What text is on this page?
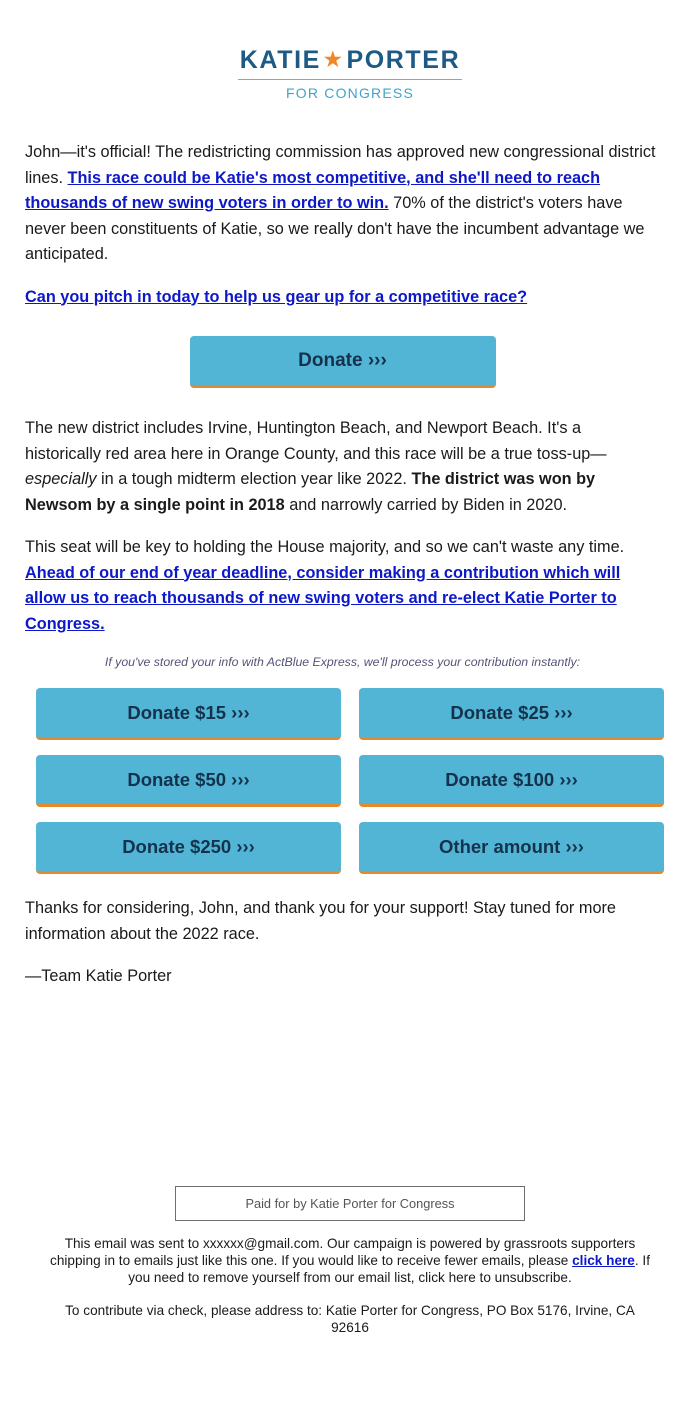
KATIE ★ PORTER
FOR CONGRESS

John—it's official! The redistricting commission has approved new congressional district lines. This race could be Katie's most competitive, and she'll need to reach thousands of new swing voters in order to win. 70% of the district's voters have never been constituents of Katie, so we really don't have the incumbent advantage we anticipated.

Can you pitch in today to help us gear up for a competitive race?

Donate ›››

The new district includes Irvine, Huntington Beach, and Newport Beach. It's a historically red area here in Orange County, and this race will be a true toss-up—especially in a tough midterm election year like 2022. The district was won by Newsom by a single point in 2018 and narrowly carried by Biden in 2020.

This seat will be key to holding the House majority, and so we can't waste any time. Ahead of our end of year deadline, consider making a contribution which will allow us to reach thousands of new swing voters and re-elect Katie Porter to Congress.

If you've stored your info with ActBlue Express, we'll process your contribution instantly:
Donate $15 ›››	Donate $25 ›››
Donate $50 ›››	Donate $100 ›››
Donate $250 ›››	Other amount ›››

Thanks for considering, John, and thank you for your support! Stay tuned for more information about the 2022 race.

—Team Katie Porter

Paid for by Katie Porter for Congress

This email was sent to xxxxxx@gmail.com. Our campaign is powered by grassroots supporters chipping in to emails just like this one. If you would like to receive fewer emails, please click here. If you need to remove yourself from our email list, click here to unsubscribe.

To contribute via check, please address to: Katie Porter for Congress, PO Box 5176, Irvine, CA 92616
